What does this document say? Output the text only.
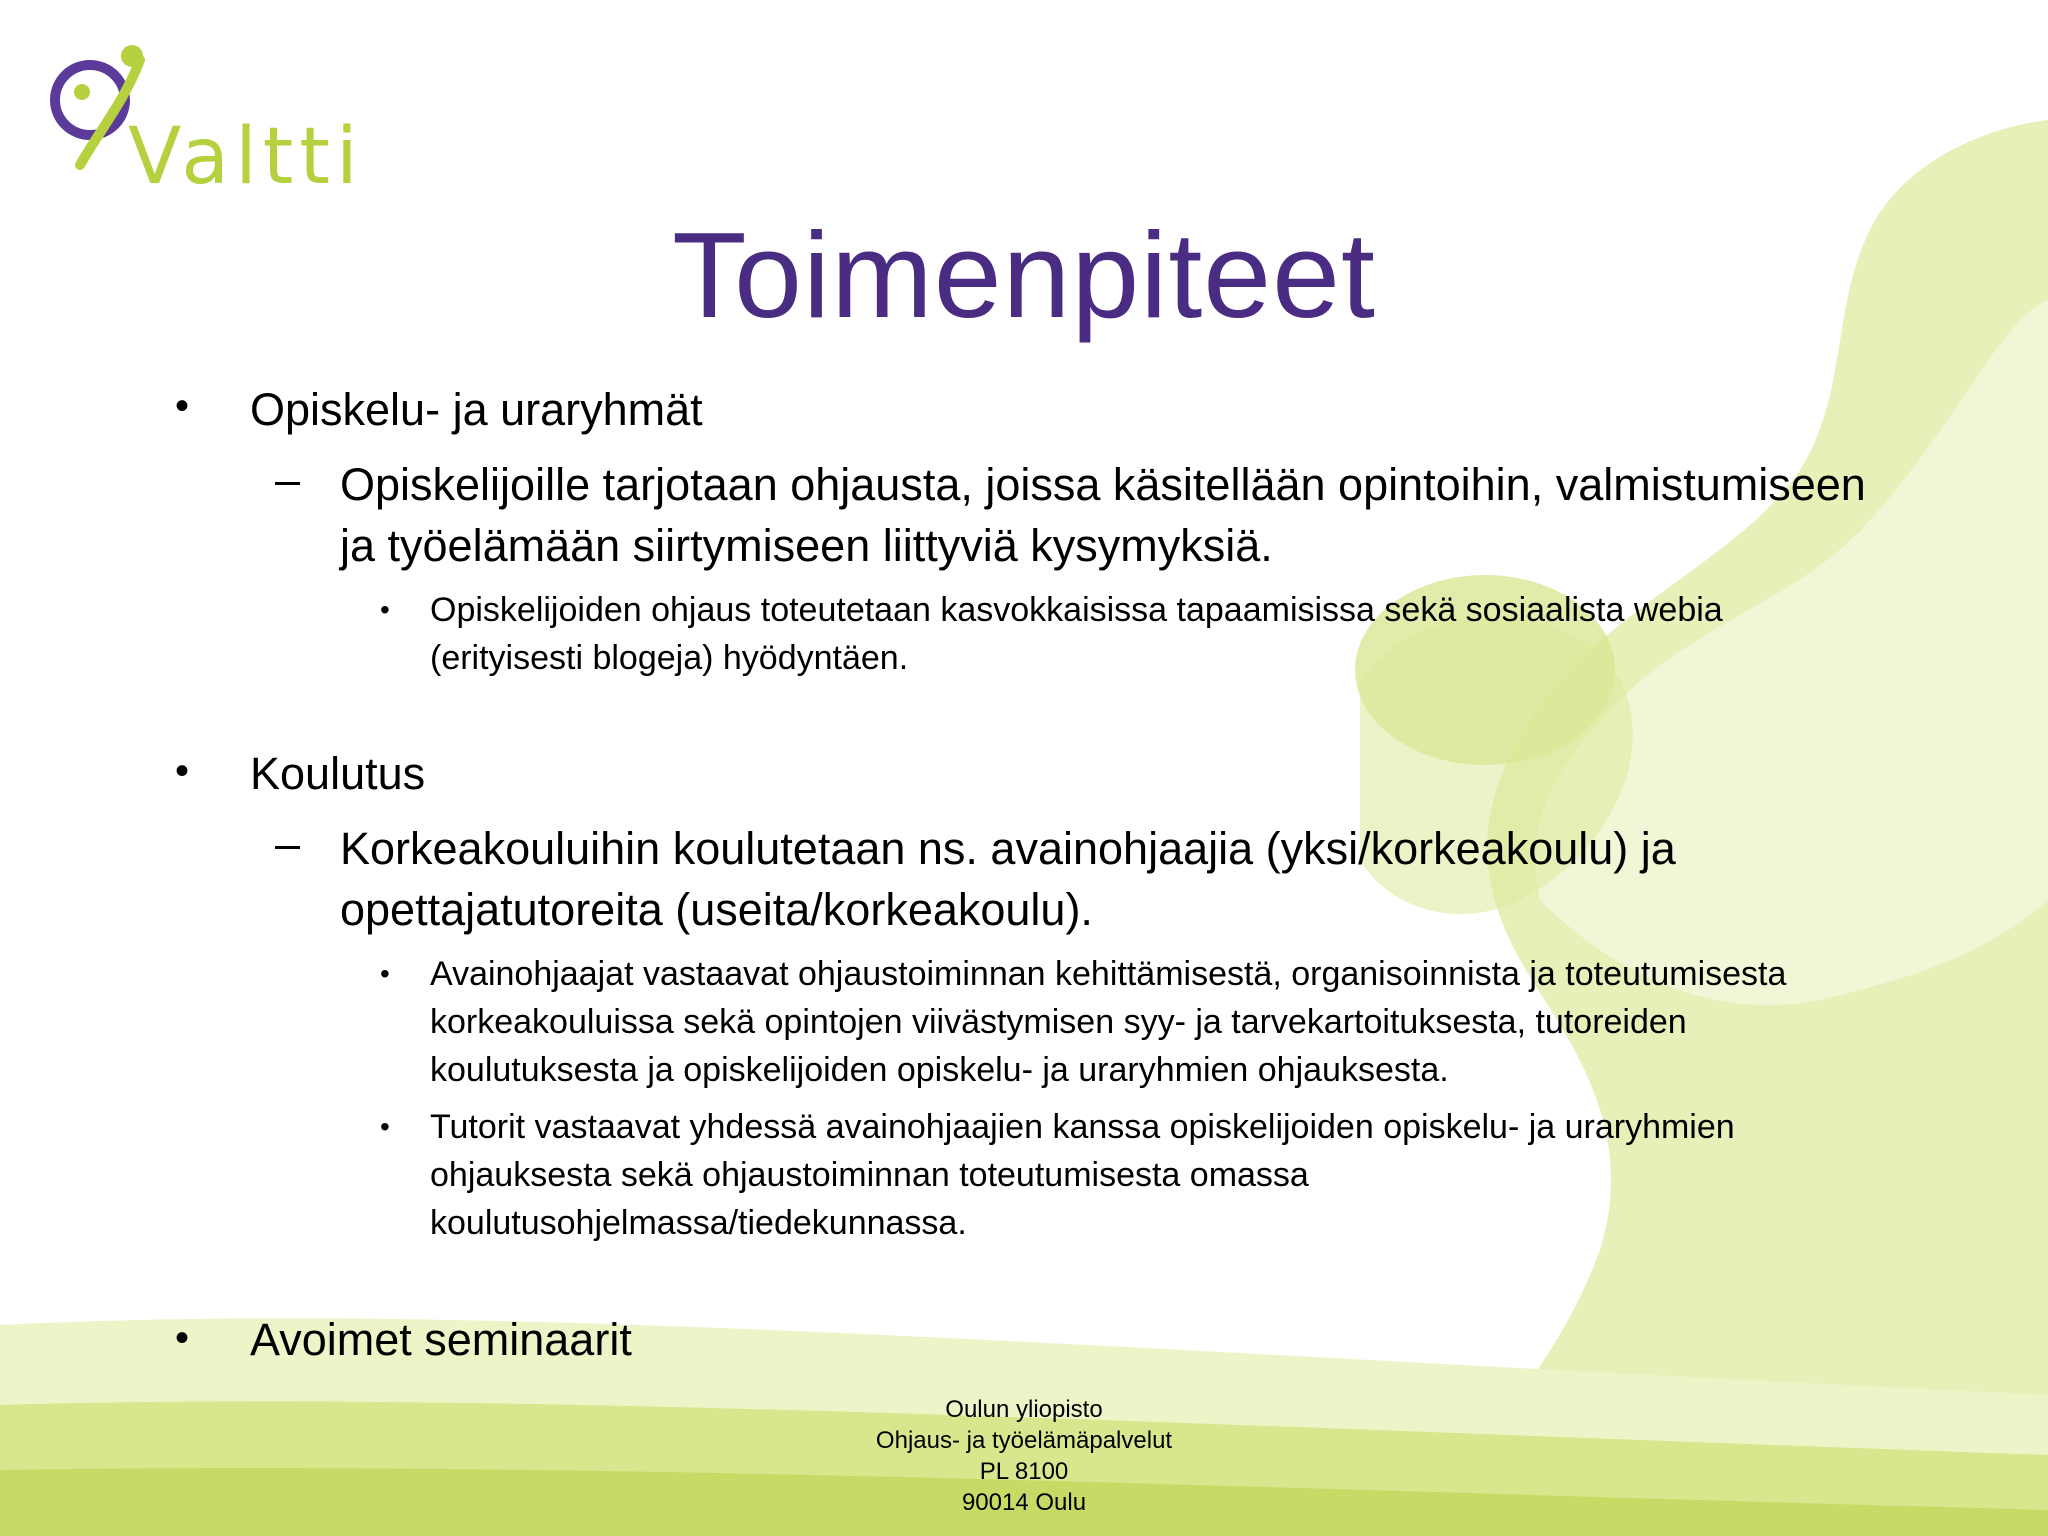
Valtti
Toimenpiteet
• Opiskelu- ja uraryhmät
– Opiskelijoille tarjotaan ohjausta, joissa käsitellään opintoihin, valmistumiseen ja työelämään siirtymiseen liittyviä kysymyksiä.
• Opiskelijoiden ohjaus toteutetaan kasvokkaisissa tapaamisissa sekä sosiaalista webia (erityisesti blogeja) hyödyntäen.
• Koulutus
– Korkeakouluihin koulutetaan ns. avainohjaajia (yksi/korkeakoulu) ja opettajatutoreita (useita/korkeakoulu).
• Avainohjaajat vastaavat ohjaustoiminnan kehittämisestä, organisoinnista ja toteutumisesta korkeakouluissa sekä opintojen viivästymisen syy- ja tarvekartoituksesta, tutoreiden koulutuksesta ja opiskelijoiden opiskelu- ja uraryhmien ohjauksesta.
• Tutorit vastaavat yhdessä avainohjaajien kanssa opiskelijoiden opiskelu- ja uraryhmien ohjauksesta sekä ohjaustoiminnan toteutumisesta omassa koulutusohjelmassa/tiedekunnassa.
• Avoimet seminaarit
Oulun yliopisto
Ohjaus- ja työelämäpalvelut
PL 8100
90014 Oulu
